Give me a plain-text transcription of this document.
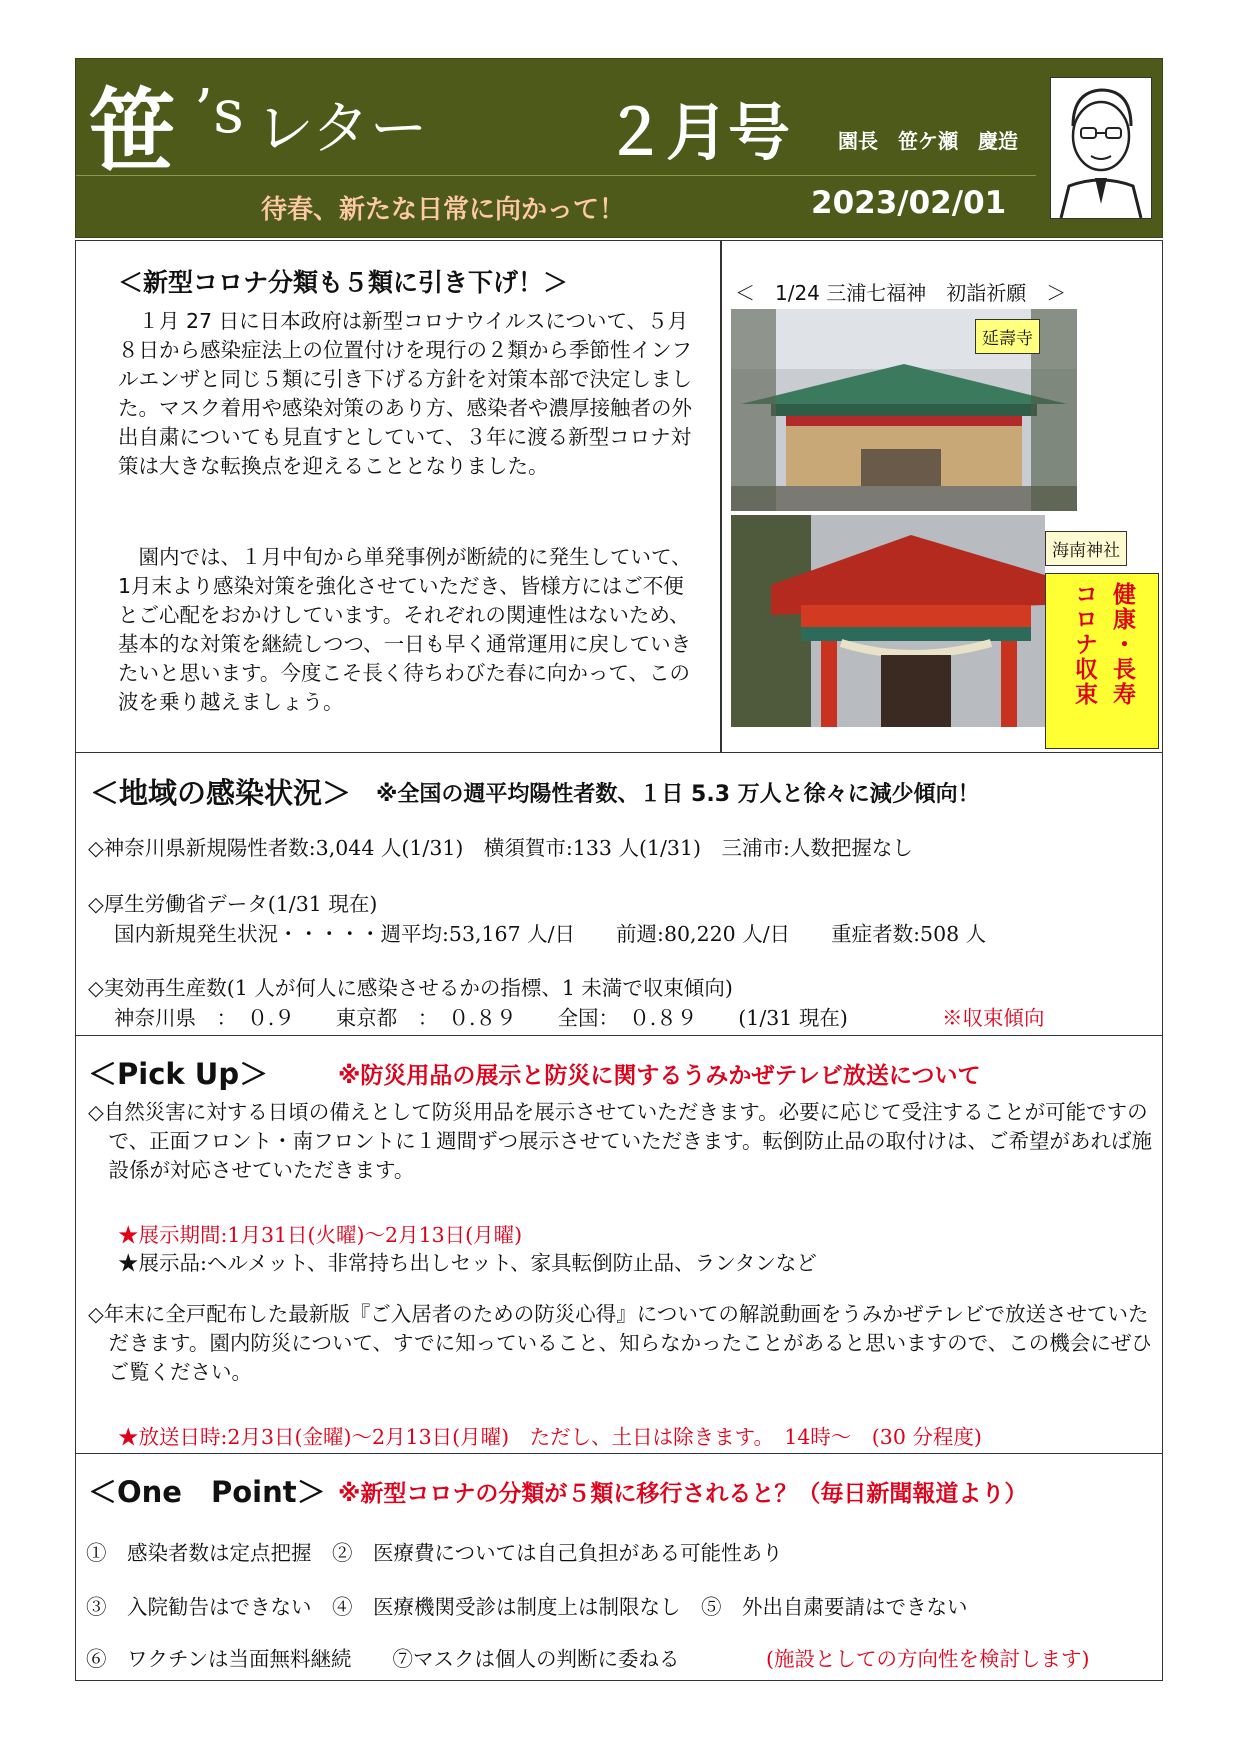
笹 ’s レター	２月号 園長　笹ケ瀬　慶造
待春、新たな日常に向かって！	2023/02/01
＜新型コロナ分類も５類に引き下げ！＞
１月 27 日に日本政府は新型コロナウイルスについて、５月８日から感染症法上の位置付けを現行の２類から季節性インフルエンザと同じ５類に引き下げる方針を対策本部で決定しました。マスク着用や感染対策のあり方、感染者や濃厚接触者の外出自粛についても見直すとしていて、３年に渡る新型コロナ対策は大きな転換点を迎えることとなりました。
園内では、１月中旬から単発事例が断続的に発生していて、1月末より感染対策を強化させていただき、皆様方にはご不便とご心配をおかけしています。それぞれの関連性はないため、基本的な対策を継続しつつ、一日も早く通常運用に戻していきたいと思います。今度こそ長く待ちわびた春に向かって、この波を乗り越えましょう。
＜　1/24 三浦七福神　初詣祈願　＞
延壽寺
海南神社
健康・長寿
コロナ収束
＜地域の感染状況＞ ※全国の週平均陽性者数、１日 5.3 万人と徐々に減少傾向！
◇神奈川県新規陽性者数:3,044 人(1/31)　横須賀市:133 人(1/31)　三浦市:人数把握なし
◇厚生労働省データ(1/31 現在)
国内新規発生状況・・・・・週平均:53,167 人/日　　前週:80,220 人/日　　重症者数:508 人
◇実効再生産数(1 人が何人に感染させるかの指標、1 未満で収束傾向)
神奈川県　：　０.９　　東京都　：　０.８９　　全国：　０.８９　　(1/31 現在)	※収束傾向
＜Pick Up＞	※防災用品の展示と防災に関するうみかぜテレビ放送について
◇自然災害に対する日頃の備えとして防災用品を展示させていただきます。必要に応じて受注することが可能ですので、正面フロント・南フロントに１週間ずつ展示させていただきます。転倒防止品の取付けは、ご希望があれば施設係が対応させていただきます。
★展示期間:1月31日(火曜)～2月13日(月曜)
★展示品:ヘルメット、非常持ち出しセット、家具転倒防止品、ランタンなど
◇年末に全戸配布した最新版『ご入居者のための防災心得』についての解説動画をうみかぜテレビで放送させていただきます。園内防災について、すでに知っていること、知らなかったことがあると思いますので、この機会にぜひご覧ください。
★放送日時:2月3日(金曜)～2月13日(月曜)　ただし、土日は除きます。　14時～　(30 分程度)
＜One　Point＞ ※新型コロナの分類が５類に移行されると？（毎日新聞報道より）
①　感染者数は定点把握　②　医療費については自己負担がある可能性あり
③　入院勧告はできない　④　医療機関受診は制度上は制限なし　⑤　外出自粛要請はできない
⑥　ワクチンは当面無料継続　　⑦マスクは個人の判断に委ねる	(施設としての方向性を検討します)
